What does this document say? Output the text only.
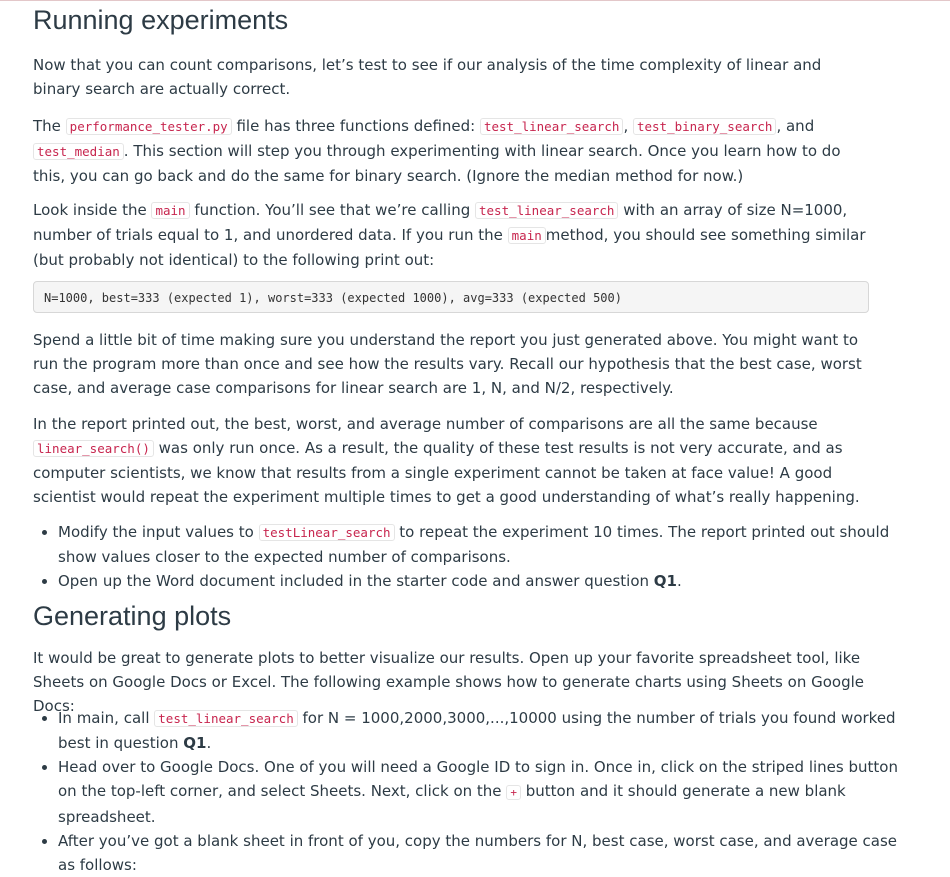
Running experiments

Now that you can count comparisons, let’s test to see if our analysis of the time complexity of linear and binary search are actually correct.

The performance_tester.py file has three functions defined: test_linear_search , test_binary_search , and test_median . This section will step you through experimenting with linear search. Once you learn how to do this, you can go back and do the same for binary search. (Ignore the median method for now.)

Look inside the main function. You’ll see that we’re calling test_linear_search with an array of size N=1000, number of trials equal to 1, and unordered data. If you run the main method, you should see something similar (but probably not identical) to the following print out:

N=1000, best=333 (expected 1), worst=333 (expected 1000), avg=333 (expected 500)

Spend a little bit of time making sure you understand the report you just generated above. You might want to run the program more than once and see how the results vary. Recall our hypothesis that the best case, worst case, and average case comparisons for linear search are 1, N, and N/2, respectively.

In the report printed out, the best, worst, and average number of comparisons are all the same because linear_search() was only run once. As a result, the quality of these test results is not very accurate, and as computer scientists, we know that results from a single experiment cannot be taken at face value! A good scientist would repeat the experiment multiple times to get a good understanding of what’s really happening.

• Modify the input values to testLinear_search to repeat the experiment 10 times. The report printed out should show values closer to the expected number of comparisons.
• Open up the Word document included in the starter code and answer question Q1.
Generating plots

It would be great to generate plots to better visualize our results. Open up your favorite spreadsheet tool, like Sheets on Google Docs or Excel. The following example shows how to generate charts using Sheets on Google Docs:

• In main, call test_linear_search for N = 1000,2000,3000,...,10000 using the number of trials you found worked best in question Q1.
• Head over to Google Docs. One of you will need a Google ID to sign in. Once in, click on the striped lines button on the top-left corner, and select Sheets. Next, click on the + button and it should generate a new blank spreadsheet.
• After you’ve got a blank sheet in front of you, copy the numbers for N, best case, worst case, and average case as follows:
